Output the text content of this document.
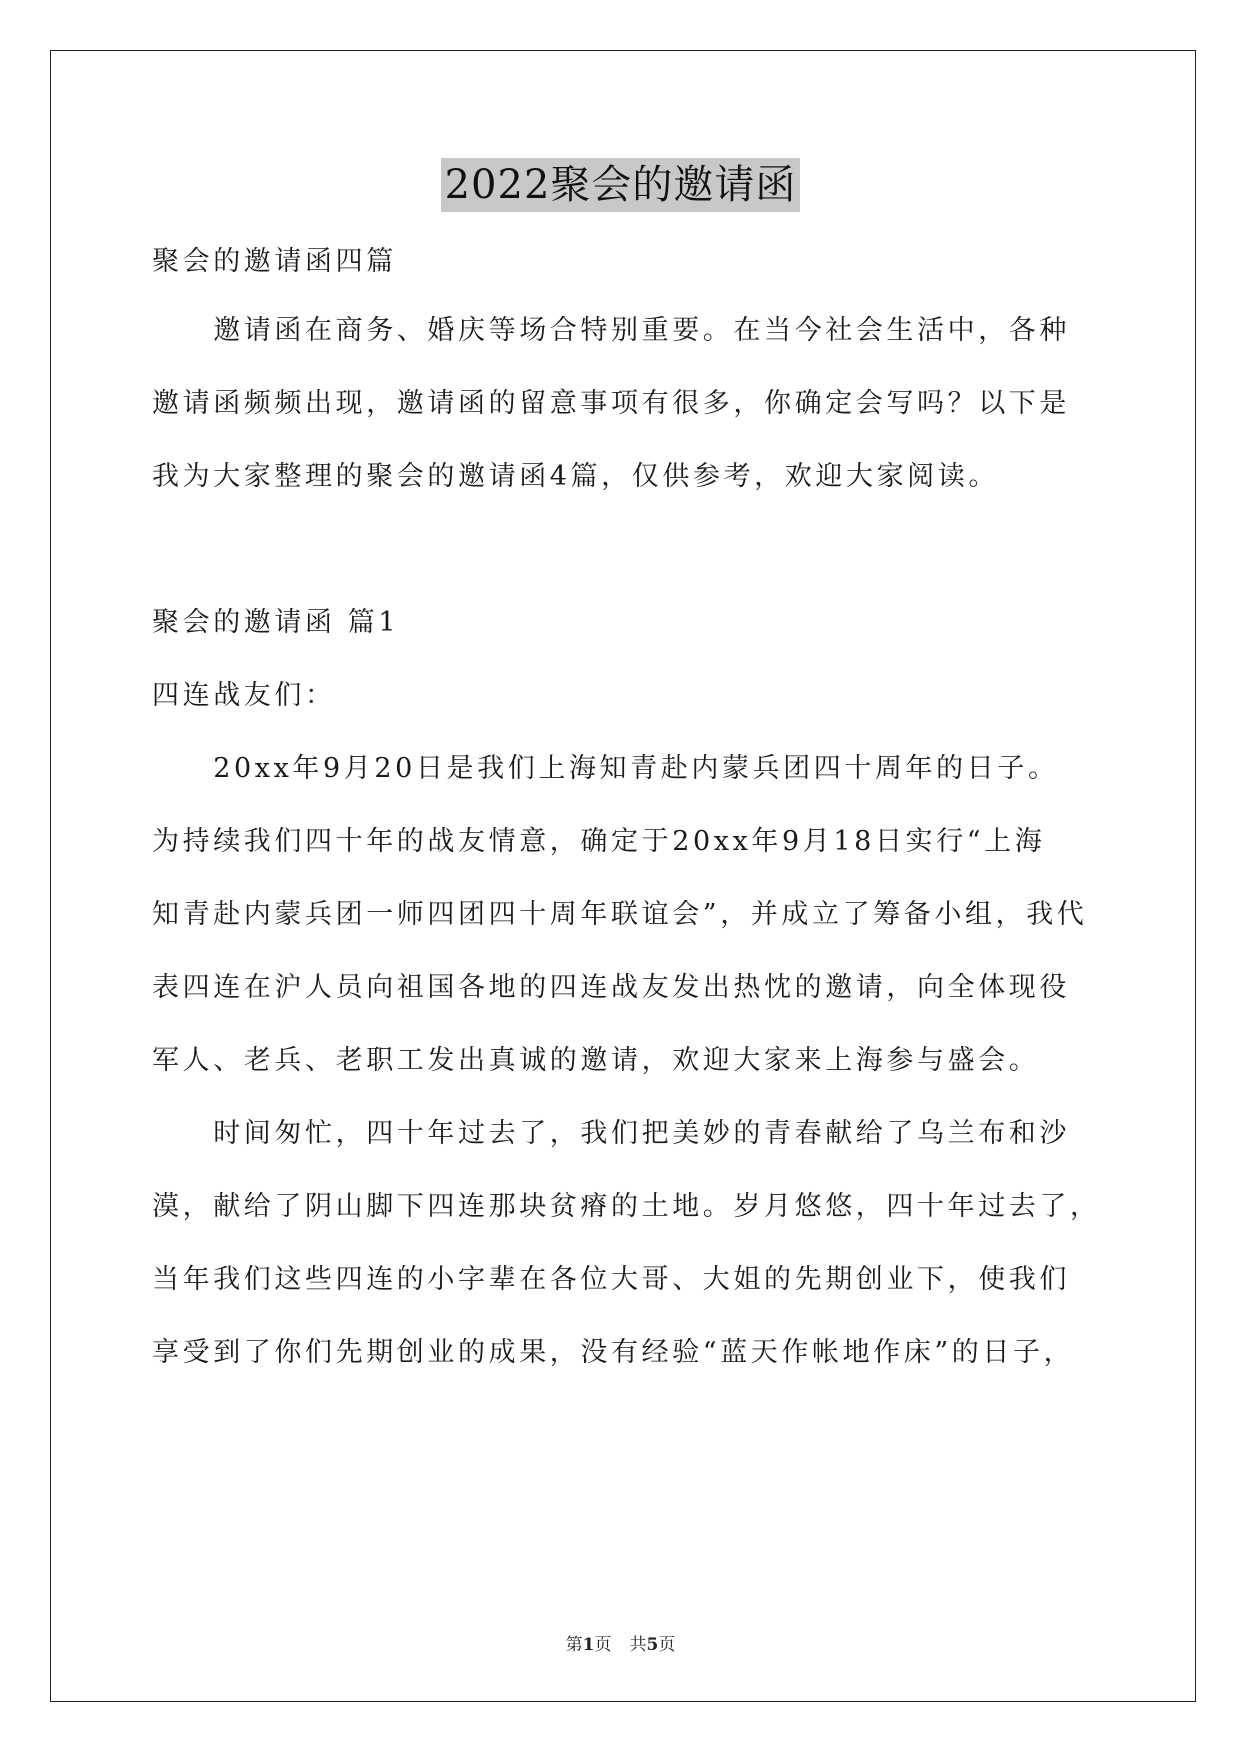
2022聚会的邀请函
聚会的邀请函四篇
　　邀请函在商务、婚庆等场合特别重要。在当今社会生活中，各种
邀请函频频出现，邀请函的留意事项有很多，你确定会写吗？以下是
我为大家整理的聚会的邀请函4篇，仅供参考，欢迎大家阅读。
聚会的邀请函 篇1
四连战友们：
　　20xx年9月20日是我们上海知青赴内蒙兵团四十周年的日子。
为持续我们四十年的战友情意，确定于20xx年9月18日实行“上海
知青赴内蒙兵团一师四团四十周年联谊会”，并成立了筹备小组，我代
表四连在沪人员向祖国各地的四连战友发出热忱的邀请，向全体现役
军人、老兵、老职工发出真诚的邀请，欢迎大家来上海参与盛会。
　　时间匆忙，四十年过去了，我们把美妙的青春献给了乌兰布和沙
漠，献给了阴山脚下四连那块贫瘠的土地。岁月悠悠，四十年过去了，
当年我们这些四连的小字辈在各位大哥、大姐的先期创业下，使我们
享受到了你们先期创业的成果，没有经验“蓝天作帐地作床”的日子，
第1页 共5页
